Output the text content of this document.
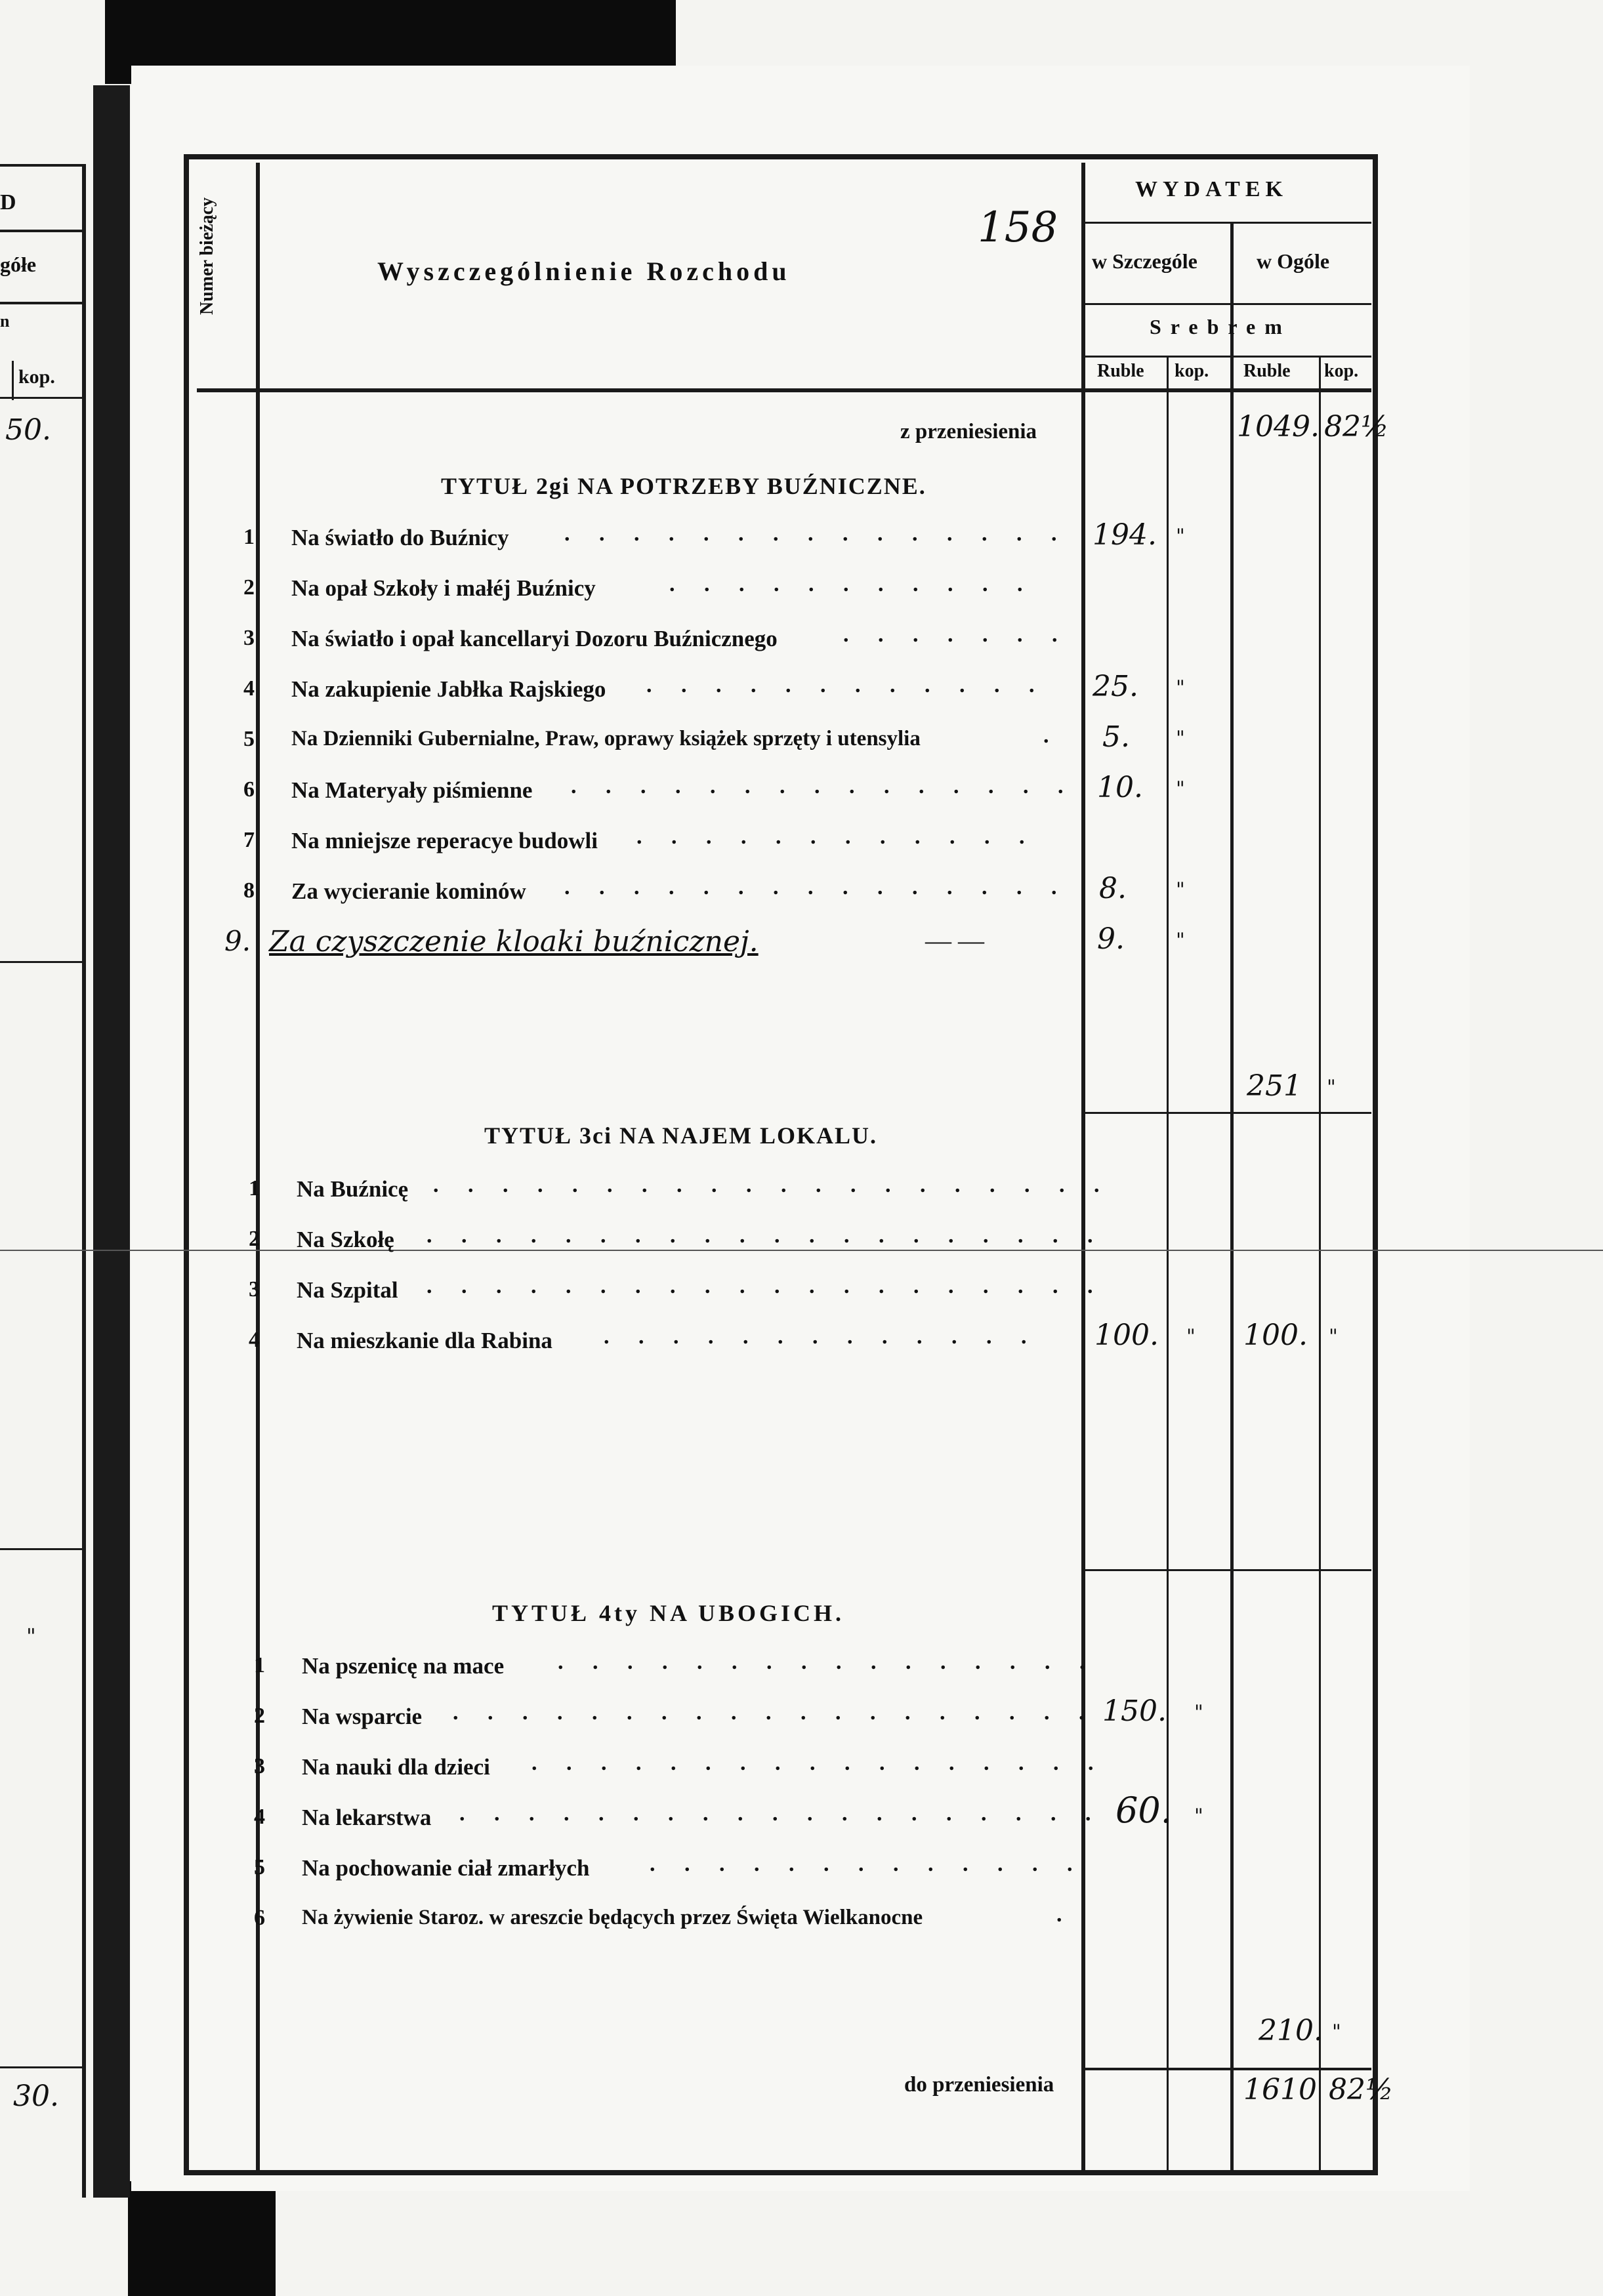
D
gółe
n
kop.
50.
"
30.
Numer bieżący	Wyszczególnienie Rozchodu
158
WYDATEK
w Szczególe	w Ogóle
Srebrem
Ruble kop. Ruble kop.
z przeniesienia	1049. 82½
TYTUŁ 2gi NA POTRZEBY BUŹNICZNE.
1 Na światło do Buźnicy . . . . . . . . . . . . . . . 194. "
2 Na opał Szkoły i małéj Buźnicy	. . . . . . . . . . .
3 Na światło i opał kancellaryi Dozoru Buźnicznego	. . . . . . .
4 Na zakupienie Jabłka Rajskiego . . . . . . . . . . . . 25. "
5 Na Dzienniki Gubernialne, Praw, oprawy książek sprzęty i utensylia	. 5. "
6 Na Materyały piśmienne . . . . . . . . . . . . . . . 10. "
7 Na mniejsze reperacye budowli . . . . . . . . . . . .
8 Za wycieranie kominów . . . . . . . . . . . . . . . 8.	"
9. Za czyszczenie kloaki buźnicznej.	— —	9.	"
251 "
TYTUŁ 3ci NA NAJEM LOKALU.
1 Na Buźnicę . . . . . . . . . . . . . . . . . . . .
2 Na Szkołę . . . . . . . . . . . . . . . . . . . .
3 Na Szpital . . . . . . . . . . . . . . . . . . . .
4 Na mieszkanie dla Rabina . . . . . . . . . . . . . 100. " 100. "
TYTUŁ 4ty NA UBOGICH.
1 Na pszenicę na mace . . . . . . . . . . . . . . . .
2 Na wsparcie . . . . . . . . . . . . . . . . . . . 150. "
3 Na nauki dla dzieci . . . . . . . . . . . . . . . . .
4 Na lekarstwa . . . . . . . . . . . . . . . . . . . 60. "
5 Na pochowanie ciał zmarłych	. . . . . . . . . . . . .
6 Na żywienie Staroz. w areszcie będących przez Święta Wielkanocne	.
210. "
do przeniesienia	1610 82½
